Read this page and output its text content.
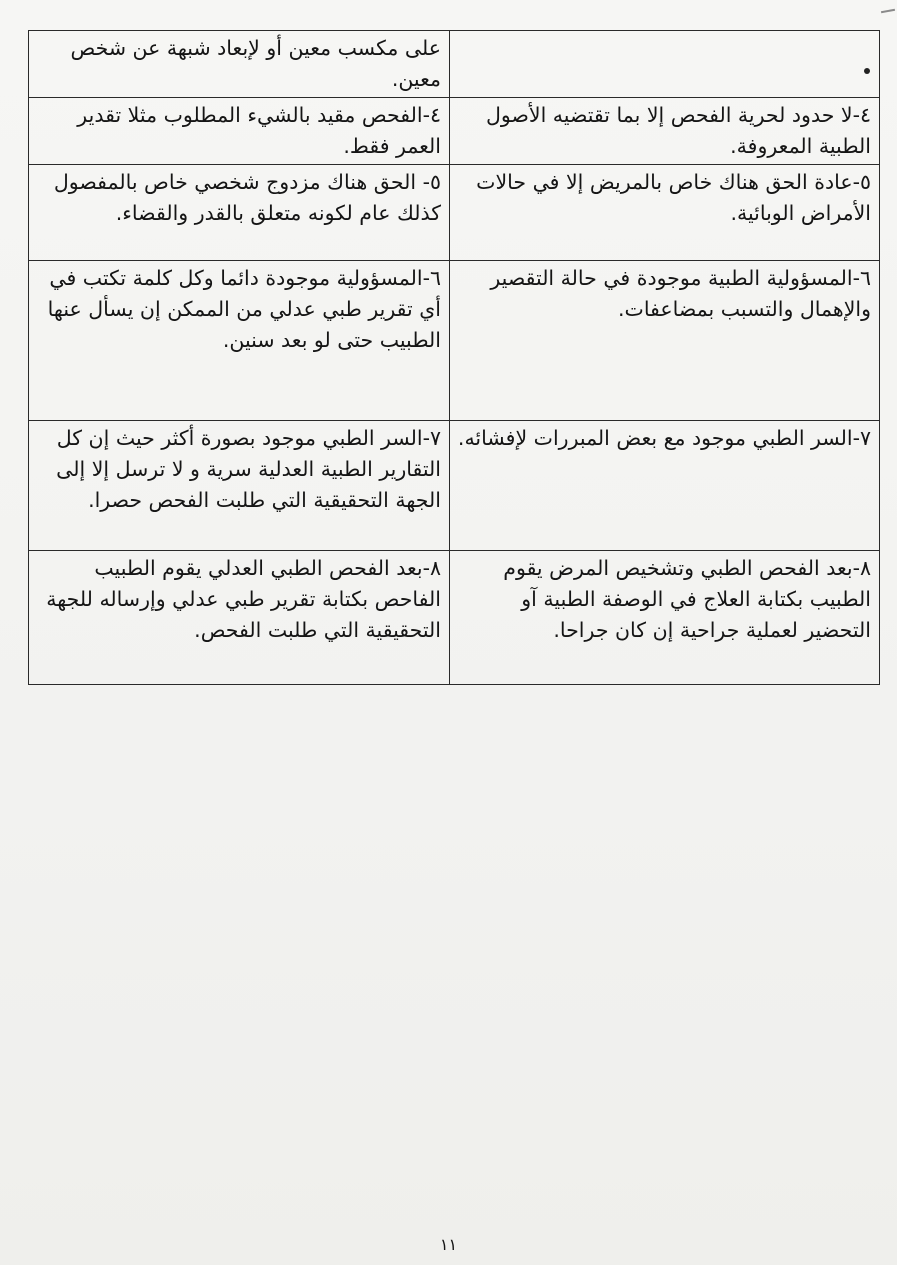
	على مكسب معين أو لإبعاد شبهة عن شخص معين.
٤-لا حدود لحرية الفحص إلا بما تقتضيه الأصول الطبية المعروفة.	٤-الفحص مقيد بالشيء المطلوب مثلا تقدير العمر فقط.
٥-عادة الحق هناك خاص بالمريض إلا في حالات الأمراض الوبائية.	٥- الحق هناك مزدوج شخصي خاص بالمفصول كذلك عام لكونه متعلق بالقدر والقضاء.
٦-المسؤولية الطبية موجودة في حالة التقصير والإهمال والتسبب بمضاعفات.	٦-المسؤولية موجودة دائما وكل كلمة تكتب في أي تقرير طبي عدلي من الممكن إن يسأل عنها الطبيب حتى لو بعد سنين.
٧-السر الطبي موجود مع بعض المبررات لإفشائه.	٧-السر الطبي موجود بصورة أكثر حيث إن كل التقارير الطبية العدلية سرية و لا ترسل إلا إلى الجهة التحقيقية التي طلبت الفحص حصرا.
٨-بعد الفحص الطبي وتشخيص المرض يقوم الطبيب بكتابة العلاج في الوصفة الطبية آو التحضير لعملية جراحية إن كان جراحا.	٨-بعد الفحص الطبي العدلي يقوم الطبيب الفاحص بكتابة تقرير طبي عدلي وإرساله للجهة التحقيقية التي طلبت الفحص.
١١
